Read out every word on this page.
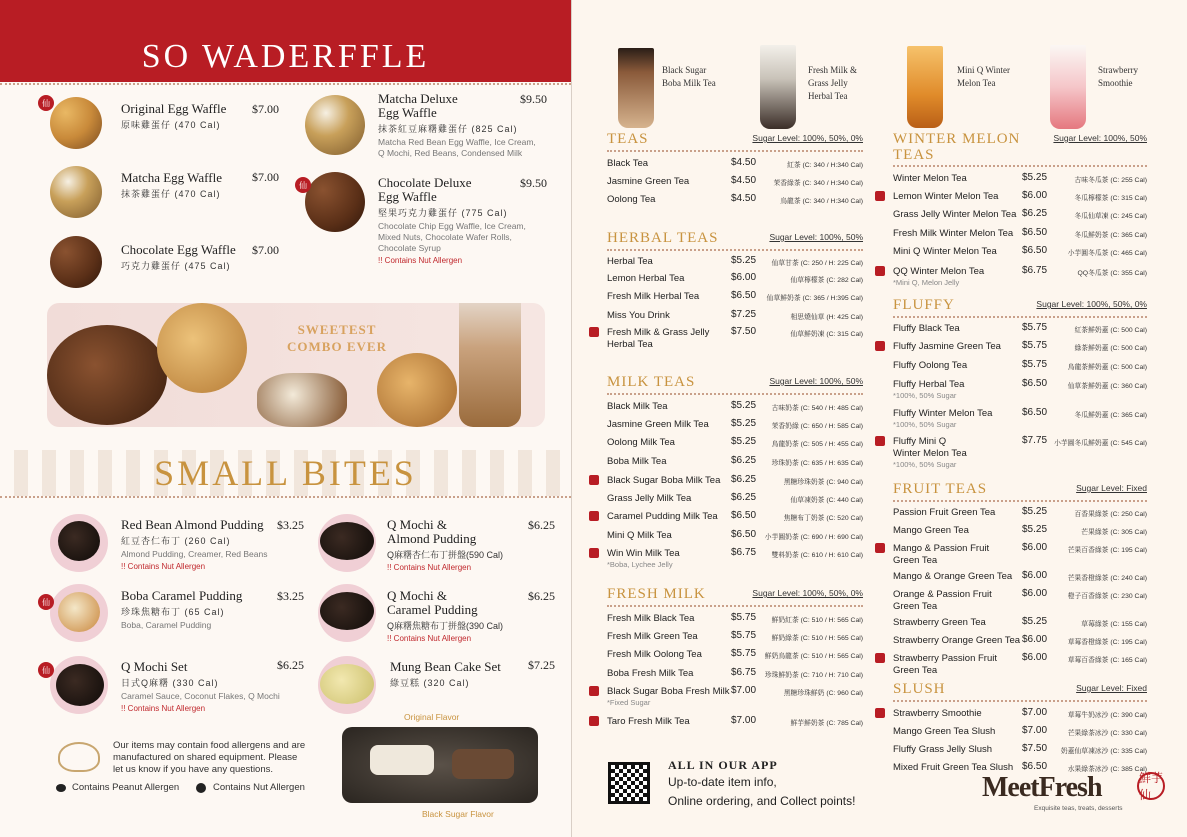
SO WADERFFLE
仙
仙
Original Egg Waffle
原味雞蛋仔 (470 Cal)
$7.00
Matcha Egg Waffle
抹茶雞蛋仔 (470 Cal)
$7.00
Chocolate Egg Waffle
巧克力雞蛋仔 (475 Cal)
$7.00
Matcha Deluxe
Egg Waffle
抹茶紅豆麻糬雞蛋仔 (825 Cal)
Matcha Red Bean Egg Waffle, Ice Cream,
Q Mochi, Red Beans, Condensed Milk
$9.50
Chocolate Deluxe
Egg Waffle
堅果巧克力雞蛋仔 (775 Cal)
Chocolate Chip Egg Waffle, Ice Cream,
Mixed Nuts, Chocolate Wafer Rolls,
Chocolate Syrup
!! Contains Nut Allergen
$9.50
SWEETEST
COMBO EVER
SMALL BITES
仙
仙
Red Bean Almond Pudding
紅豆杏仁布丁 (260 Cal)
Almond Pudding, Creamer, Red Beans
!! Contains Nut Allergen
$3.25
Boba Caramel Pudding
珍珠焦糖布丁 (65 Cal)
Boba, Caramel Pudding
$3.25
Q Mochi Set
日式Q麻糬 (330 Cal)
Caramel Sauce, Coconut Flakes, Q Mochi
!! Contains Nut Allergen
$6.25
Q Mochi &
Almond Pudding
Q麻糬杏仁布丁拼盤(590 Cal)
!! Contains Nut Allergen
$6.25
Q Mochi &
Caramel Pudding
Q麻糬焦糖布丁拼盤(390 Cal)
!! Contains Nut Allergen
$6.25
Mung Bean Cake Set
綠豆糕 (320 Cal)
$7.25
Original Flavor
Black Sugar Flavor
Our items may contain food allergens and are
manufactured on shared equipment. Please
let us know if you have any questions.
Contains Peanut Allergen	Contains Nut Allergen
Black Sugar
Boba Milk Tea
Fresh Milk &
Grass Jelly
Herbal Tea
Mini Q Winter
Melon Tea
Strawberry
Smoothie
TEAS	Sugar Level: 100%, 50%, 0%
Black Tea	$4.50	紅茶 (C: 340 / H:340 Cal)
Jasmine Green Tea	$4.50	茉香綠茶 (C: 340 / H:340 Cal)
Oolong Tea	$4.50	烏龍茶 (C: 340 / H:340 Cal)
HERBAL TEAS	Sugar Level: 100%, 50%
Herbal Tea	$5.25	仙草甘茶 (C: 250 / H: 225 Cal)
Lemon Herbal Tea	$6.00	仙草檸檬茶 (C: 282 Cal)
Fresh Milk Herbal Tea	$6.50	仙草鮮奶茶 (C: 365 / H:395 Cal)
Miss You Drink	$7.25	相思燒仙草 (H: 425 Cal)
Fresh Milk & Grass Jelly
Herbal Tea
$7.50	仙草鮮奶凍 (C: 315 Cal)
MILK TEAS	Sugar Level: 100%, 50%
Black Milk Tea	$5.25	古味奶茶 (C: 540 / H: 485 Cal)
Jasmine Green Milk Tea $5.25	茉香奶綠 (C: 650 / H: 585 Cal)
Oolong Milk Tea	$5.25	烏龍奶茶 (C: 505 / H: 455 Cal)
Boba Milk Tea	$6.25	珍珠奶茶 (C: 635 / H: 635 Cal)
Black Sugar Boba Milk Tea $6.25	黑糖珍珠奶茶 (C: 940 Cal)
Grass Jelly Milk Tea	$6.25	仙草凍奶茶 (C: 440 Cal)
Caramel Pudding Milk Tea $6.50	焦糖布丁奶茶 (C: 520 Cal)
Mini Q Milk Tea	$6.50	小芋圓奶茶 (C: 690 / H: 690 Cal)
Win Win Milk Tea	$6.75	雙料奶茶 (C: 610 / H: 610 Cal)
*Boba, Lychee Jelly
FRESH MILK	Sugar Level: 100%, 50%, 0%
Fresh Milk Black Tea	$5.75	鮮奶紅茶 (C: 510 / H: 565 Cal)
Fresh Milk Green Tea	$5.75	鮮奶綠茶 (C: 510 / H: 565 Cal)
Fresh Milk Oolong Tea	$5.75	鮮奶烏龍茶 (C: 510 / H: 565 Cal)
Boba Fresh Milk Tea	$6.75	珍珠鮮奶茶 (C: 710 / H: 710 Cal)
Black Sugar Boba Fresh Milk $7.00	黑糖珍珠鮮奶 (C: 960 Cal)
*Fixed Sugar
Taro Fresh Milk Tea	$7.00	鮮芋鮮奶茶 (C: 785 Cal)
WINTER MELON
TEAS
Sugar Level: 100%, 50%
Winter Melon Tea	$5.25	古味冬瓜茶 (C: 255 Cal)
Lemon Winter Melon Tea $6.00	冬瓜檸檬茶 (C: 315 Cal)
Grass Jelly Winter Melon Tea $6.25	冬瓜仙草凍 (C: 245 Cal)
Fresh Milk Winter Melon Tea $6.50	冬瓜鮮奶茶 (C: 365 Cal)
Mini Q Winter Melon Tea	$6.50	小芋圓冬瓜茶 (C: 465 Cal)
QQ Winter Melon Tea	$6.75	QQ冬瓜茶 (C: 355 Cal)
*Mini Q, Melon Jelly
FLUFFY	Sugar Level: 100%, 50%, 0%
Fluffy Black Tea	$5.75	紅茶鮮奶蓋 (C: 500 Cal)
Fluffy Jasmine Green Tea $5.75	綠茶鮮奶蓋 (C: 500 Cal)
Fluffy Oolong Tea	$5.75	烏龍茶鮮奶蓋 (C: 500 Cal)
Fluffy Herbal Tea	$6.50	仙草茶鮮奶蓋 (C: 360 Cal)
*100%, 50% Sugar
Fluffy Winter Melon Tea	$6.50	冬瓜鮮奶蓋 (C: 365 Cal)
*100%, 50% Sugar
Fluffy Mini Q
Winter Melon Tea
$7.75	小芋圓冬瓜鮮奶蓋 (C: 545 Cal)
*100%, 50% Sugar
FRUIT TEAS	Sugar Level: Fixed
Passion Fruit Green Tea	$5.25	百香果綠茶 (C: 250 Cal)
Mango Green Tea	$5.25	芒果綠茶 (C: 305 Cal)
Mango & Passion Fruit
Green Tea
$6.00	芒果百香綠茶 (C: 195 Cal)
Mango & Orange Green Tea $6.00	芒果香橙綠茶 (C: 240 Cal)
Orange & Passion Fruit
Green Tea
$6.00	橙子百香綠茶 (C: 230 Cal)
Strawberry Green Tea	$5.25	草莓綠茶 (C: 155 Cal)
Strawberry Orange Green Tea $6.00	草莓香橙綠茶 (C: 195 Cal)
Strawberry Passion Fruit
Green Tea
$6.00	草莓百香綠茶 (C: 165 Cal)
SLUSH	Sugar Level: Fixed
Strawberry Smoothie	$7.00	草莓牛奶冰沙 (C: 390 Cal)
Mango Green Tea Slush	$7.00	芒果綠茶冰沙 (C: 330 Cal)
Fluffy Grass Jelly Slush	$7.50	奶蓋仙草凍冰沙 (C: 335 Cal)
Mixed Fruit Green Tea Slush $6.50	水果綠茶冰沙 (C: 385 Cal)
ALL IN OUR APP
Up-to-date item info,
Online ordering, and Collect points!	MeetFresh	鮮芋仙
Exquisite teas, treats, desserts
